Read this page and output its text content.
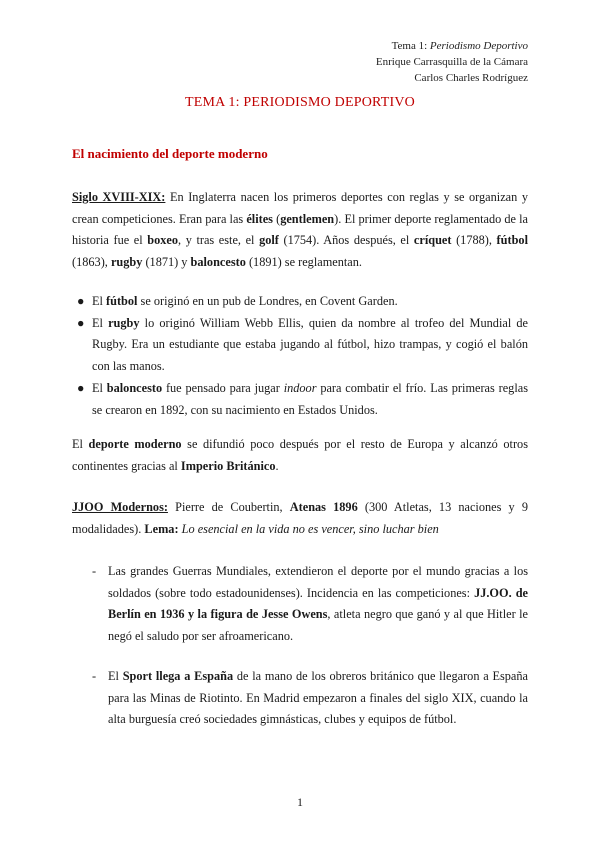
Tema 1: Periodismo Deportivo
Enrique Carrasquilla de la Cámara
Carlos Charles Rodríguez
TEMA 1: PERIODISMO DEPORTIVO
El nacimiento del deporte moderno
Siglo XVIII-XIX: En Inglaterra nacen los primeros deportes con reglas y se organizan y crean competiciones. Eran para las élites (gentlemen). El primer deporte reglamentado de la historia fue el boxeo, y tras este, el golf (1754). Años después, el críquet (1788), fútbol (1863), rugby (1871) y baloncesto (1891) se reglamentan.
● El fútbol se originó en un pub de Londres, en Covent Garden.
● El rugby lo originó William Webb Ellis, quien da nombre al trofeo del Mundial de Rugby. Era un estudiante que estaba jugando al fútbol, hizo trampas, y cogió el balón con las manos.
● El baloncesto fue pensado para jugar indoor para combatir el frío. Las primeras reglas se crearon en 1892, con su nacimiento en Estados Unidos.
El deporte moderno se difundió poco después por el resto de Europa y alcanzó otros continentes gracias al Imperio Británico.
JJOO Modernos: Pierre de Coubertin, Atenas 1896 (300 Atletas, 13 naciones y 9 modalidades). Lema: Lo esencial en la vida no es vencer, sino luchar bien
- Las grandes Guerras Mundiales, extendieron el deporte por el mundo gracias a los soldados (sobre todo estadounidenses). Incidencia en las competiciones: JJ.OO. de Berlín en 1936 y la figura de Jesse Owens, atleta negro que ganó y al que Hitler le negó el saludo por ser afroamericano.
- El Sport llega a España de la mano de los obreros británico que llegaron a España para las Minas de Riotinto. En Madrid empezaron a finales del siglo XIX, cuando la alta burguesía creó sociedades gimnásticas, clubes y equipos de fútbol.
1
